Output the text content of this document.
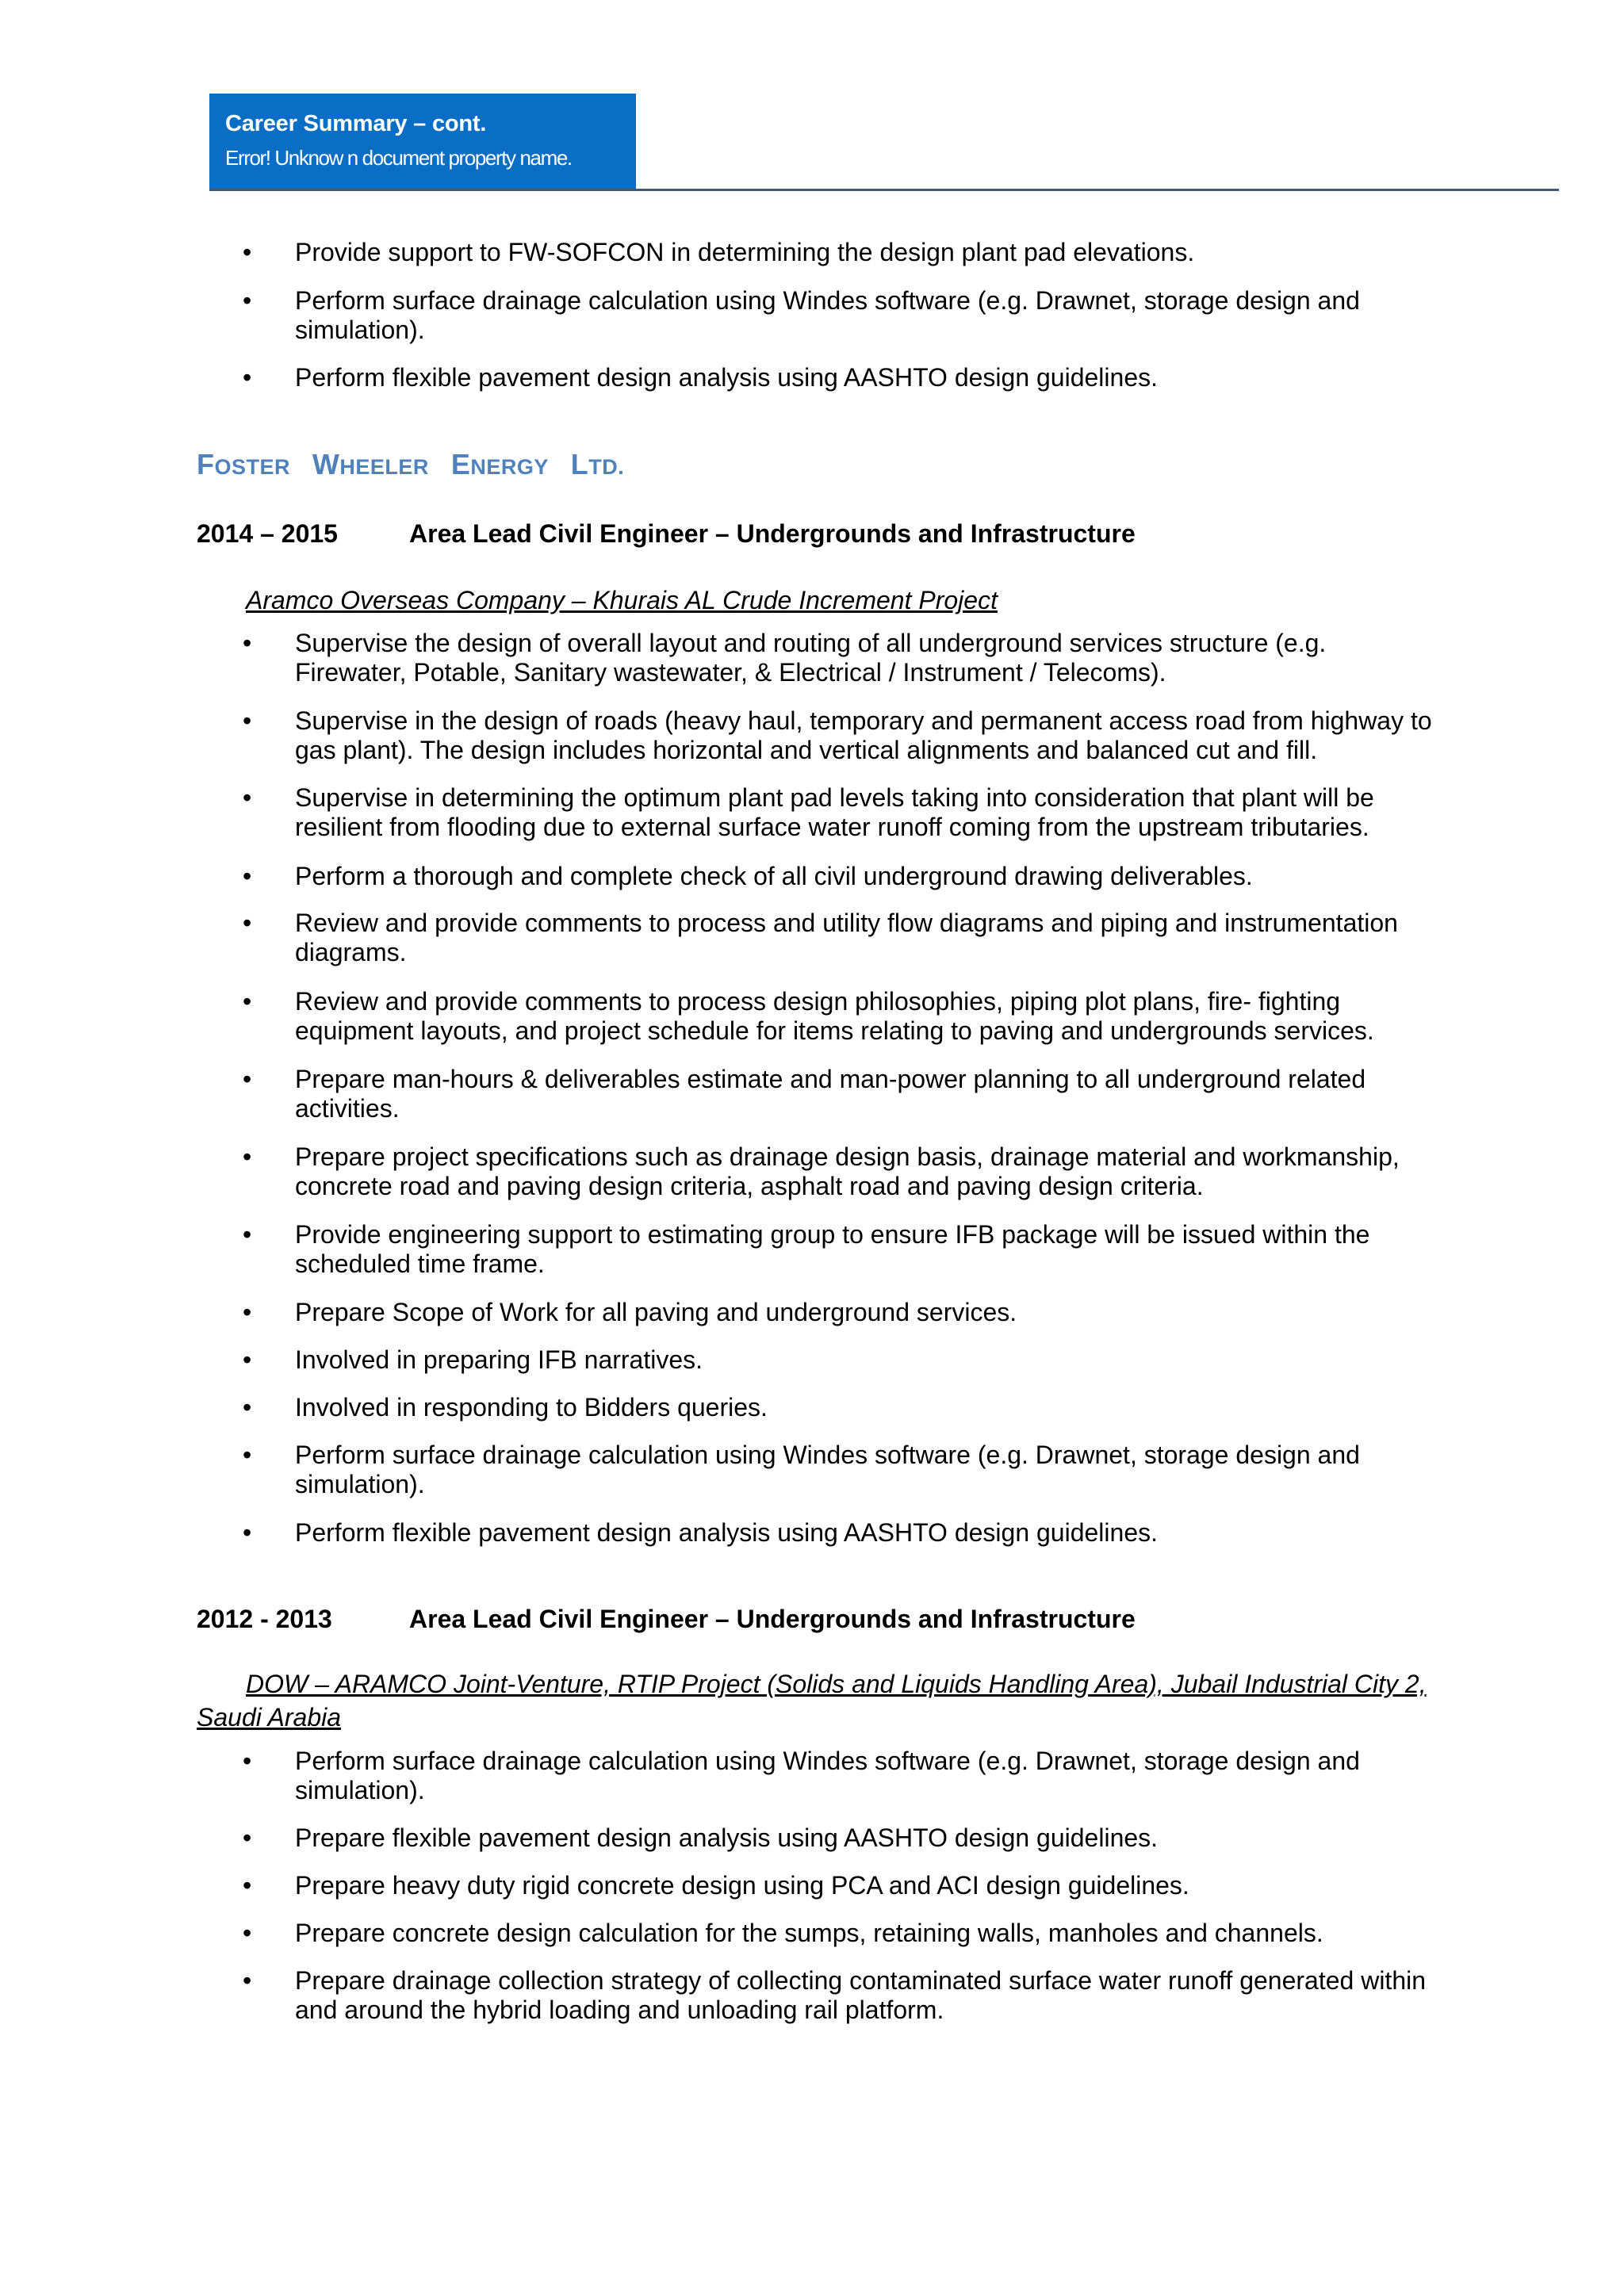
Career Summary – cont.
Error! Unknow n document property name.
• Provide support to FW-SOFCON in determining the design plant pad elevations.
• Perform surface drainage calculation using Windes software (e.g. Drawnet, storage design and simulation).
• Perform flexible pavement design analysis using AASHTO design guidelines.
FOSTER WHEELER ENERGY LTD.
2014 – 2015	Area Lead Civil Engineer – Undergrounds and Infrastructure
Aramco Overseas Company – Khurais AL Crude Increment Project
• Supervise the design of overall layout and routing of all underground services structure (e.g. Firewater, Potable, Sanitary wastewater, & Electrical / Instrument / Telecoms).
• Supervise in the design of roads (heavy haul, temporary and permanent access road from highway to gas plant). The design includes horizontal and vertical alignments and balanced cut and fill.
• Supervise in determining the optimum plant pad levels taking into consideration that plant will be resilient from flooding due to external surface water runoff coming from the upstream tributaries.
• Perform a thorough and complete check of all civil underground drawing deliverables.
• Review and provide comments to process and utility flow diagrams and piping and instrumentation diagrams.
• Review and provide comments to process design philosophies, piping plot plans, fire- fighting equipment layouts, and project schedule for items relating to paving and undergrounds services.
• Prepare man-hours & deliverables estimate and man-power planning to all underground related activities.
• Prepare project specifications such as drainage design basis, drainage material and workmanship, concrete road and paving design criteria, asphalt road and paving design criteria.
• Provide engineering support to estimating group to ensure IFB package will be issued within the scheduled time frame.
• Prepare Scope of Work for all paving and underground services.
• Involved in preparing IFB narratives.
• Involved in responding to Bidders queries.
• Perform surface drainage calculation using Windes software (e.g. Drawnet, storage design and simulation).
• Perform flexible pavement design analysis using AASHTO design guidelines.
2012 - 2013	Area Lead Civil Engineer – Undergrounds and Infrastructure
DOW – ARAMCO Joint-Venture, RTIP Project (Solids and Liquids Handling Area), Jubail Industrial City 2, Saudi Arabia
• Perform surface drainage calculation using Windes software (e.g. Drawnet, storage design and simulation).
• Prepare flexible pavement design analysis using AASHTO design guidelines.
• Prepare heavy duty rigid concrete design using PCA and ACI design guidelines.
• Prepare concrete design calculation for the sumps, retaining walls, manholes and channels.
• Prepare drainage collection strategy of collecting contaminated surface water runoff generated within and around the hybrid loading and unloading rail platform.
